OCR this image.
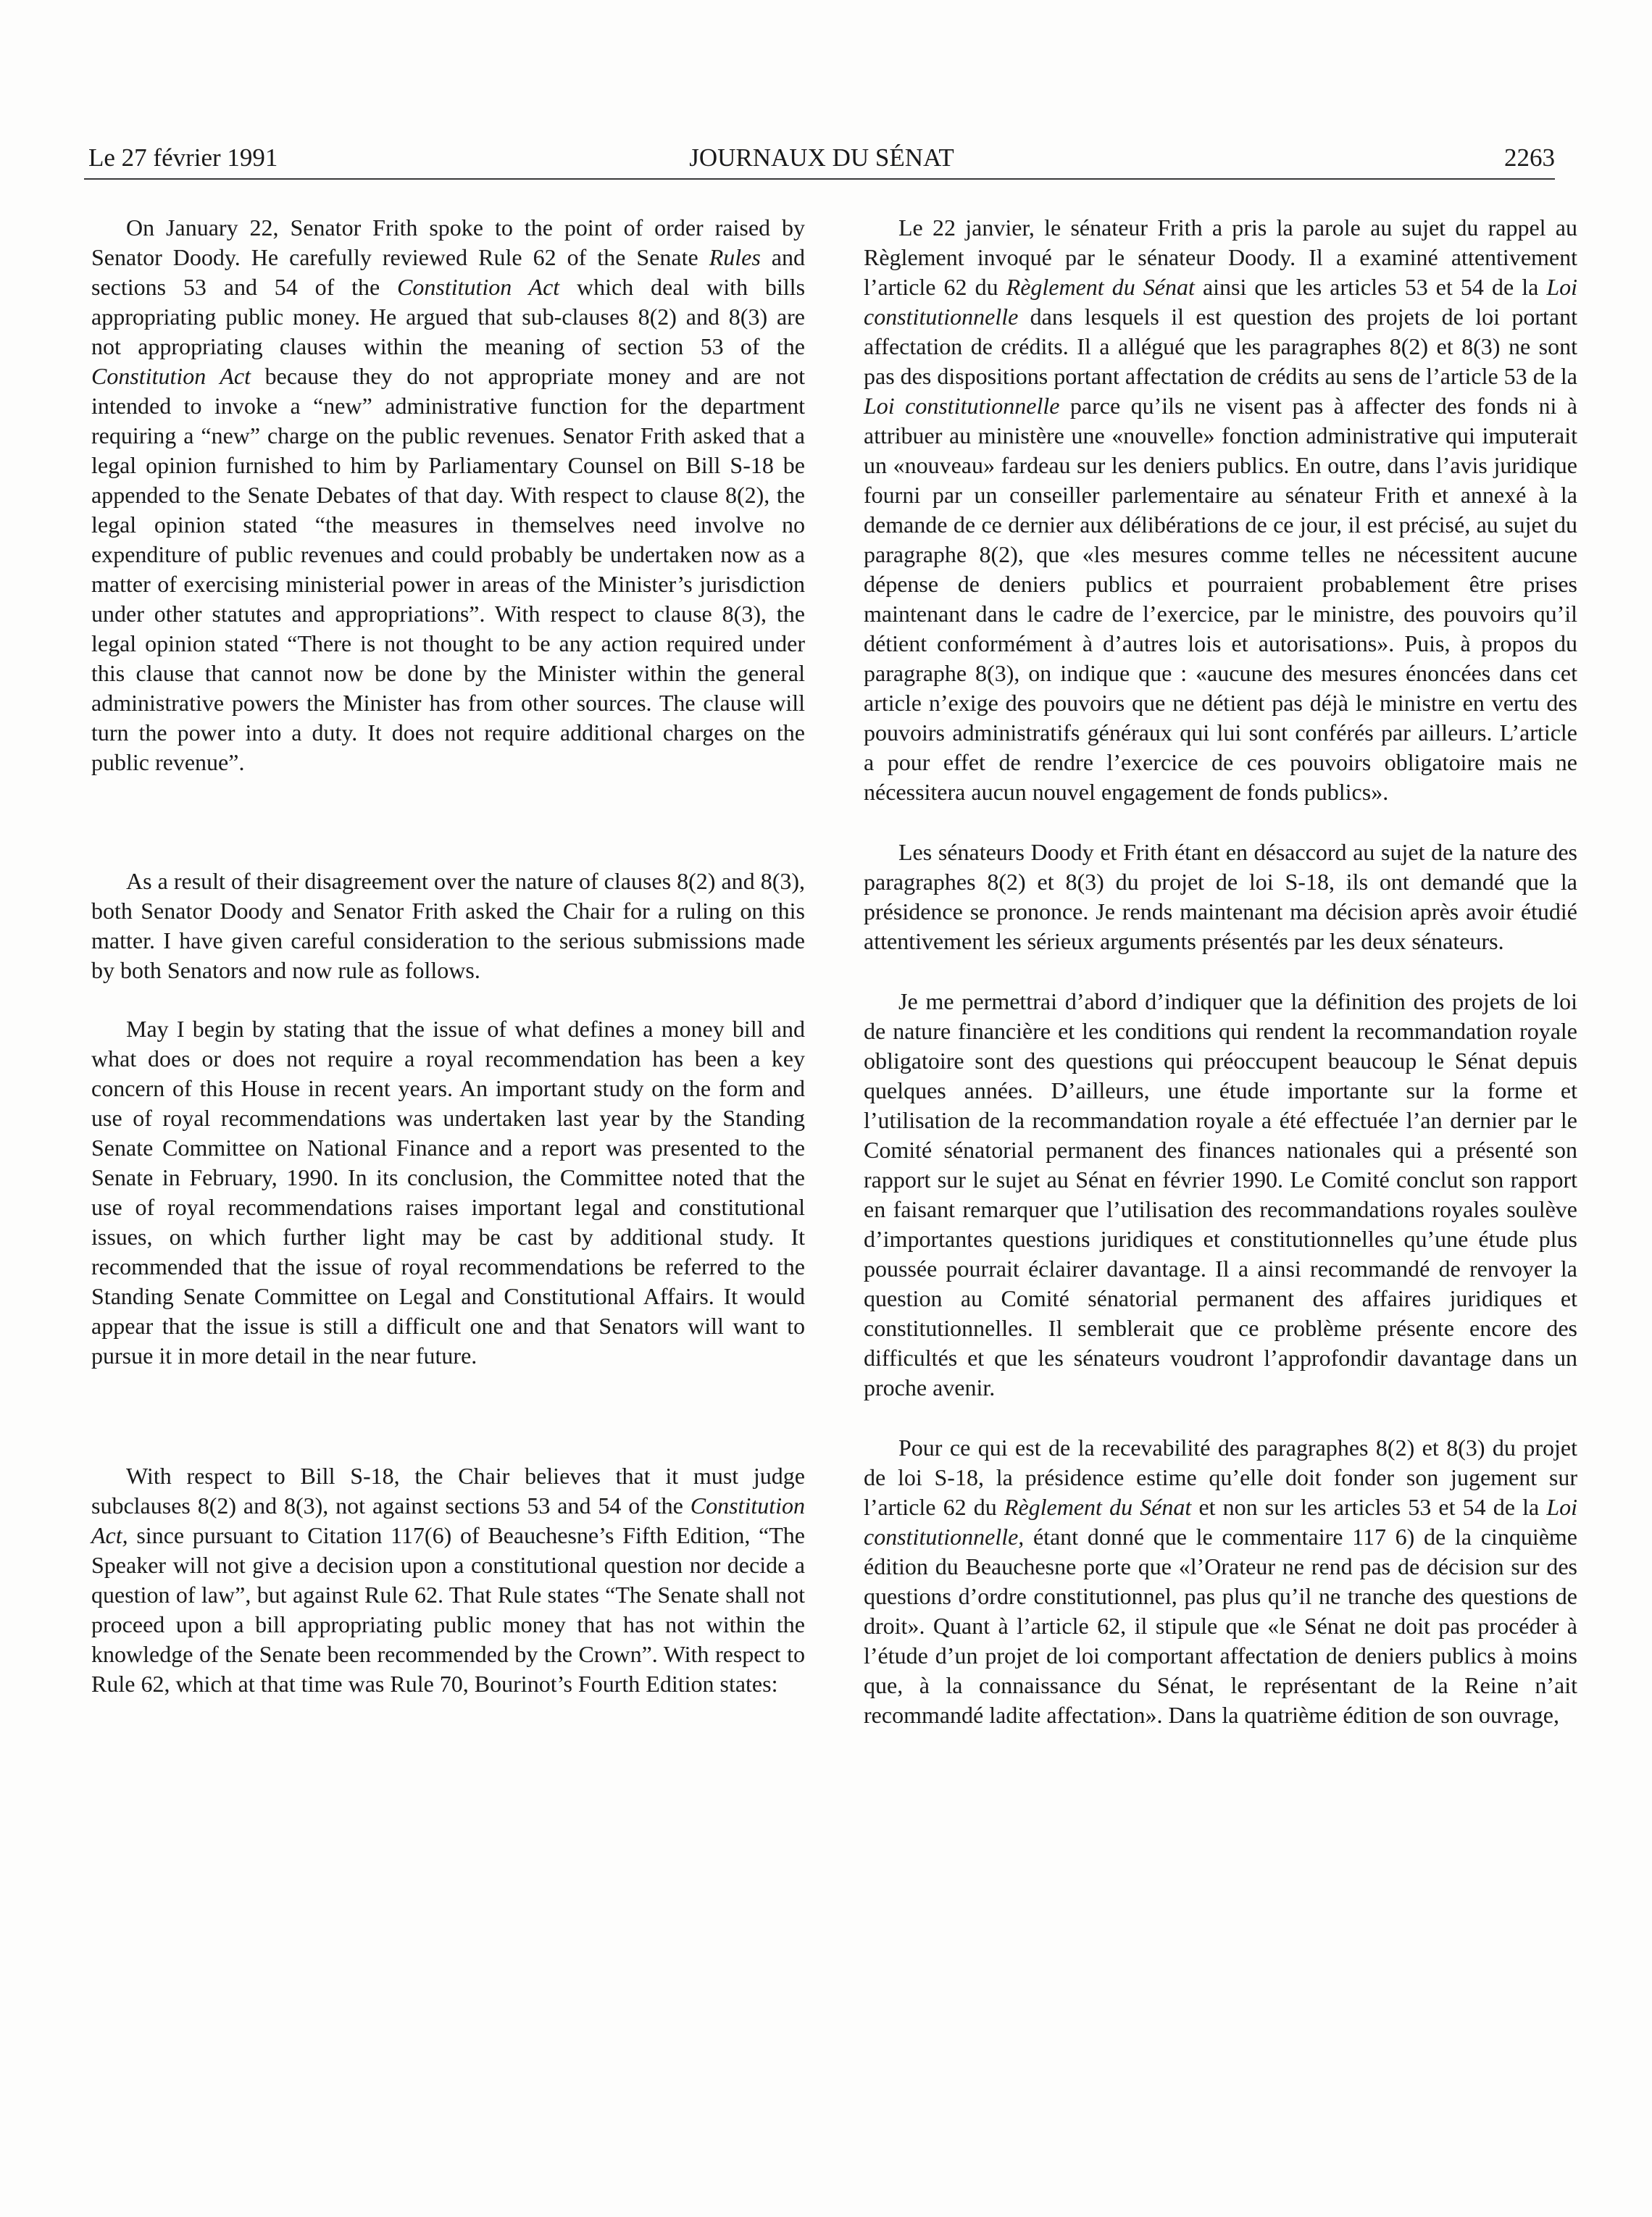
Le 27 février 1991	JOURNAUX DU SÉNAT	2263

On January 22, Senator Frith spoke to the point of order raised by Senator Doody. He carefully reviewed Rule 62 of the Senate Rules and sections 53 and 54 of the Constitution Act which deal with bills appropriating public money. He argued that sub-clauses 8(2) and 8(3) are not appropriating clauses within the meaning of section 53 of the Constitution Act because they do not appropriate money and are not intended to invoke a “new” administrative function for the department requiring a “new” charge on the public revenues. Senator Frith asked that a legal opinion furnished to him by Parliamentary Counsel on Bill S-18 be appended to the Senate Debates of that day. With respect to clause 8(2), the legal opinion stated “the measures in themselves need involve no expenditure of public revenues and could probably be undertaken now as a matter of exercising ministerial power in areas of the Minister’s jurisdiction under other statutes and appropriations”. With respect to clause 8(3), the legal opinion stated “There is not thought to be any action required under this clause that cannot now be done by the Minister within the general administrative powers the Minister has from other sources. The clause will turn the power into a duty. It does not require additional charges on the public revenue”.

As a result of their disagreement over the nature of clauses 8(2) and 8(3), both Senator Doody and Senator Frith asked the Chair for a ruling on this matter. I have given careful consideration to the serious submissions made by both Senators and now rule as follows.

May I begin by stating that the issue of what defines a money bill and what does or does not require a royal recommendation has been a key concern of this House in recent years. An important study on the form and use of royal recommendations was undertaken last year by the Standing Senate Committee on National Finance and a report was presented to the Senate in February, 1990. In its conclusion, the Committee noted that the use of royal recommendations raises important legal and constitutional issues, on which further light may be cast by additional study. It recommended that the issue of royal recommendations be referred to the Standing Senate Committee on Legal and Constitutional Affairs. It would appear that the issue is still a difficult one and that Senators will want to pursue it in more detail in the near future.

With respect to Bill S-18, the Chair believes that it must judge subclauses 8(2) and 8(3), not against sections 53 and 54 of the Constitution Act, since pursuant to Citation 117(6) of Beauchesne’s Fifth Edition, “The Speaker will not give a decision upon a constitutional question nor decide a question of law”, but against Rule 62. That Rule states “The Senate shall not proceed upon a bill appropriating public money that has not within the knowledge of the Senate been recommended by the Crown”. With respect to Rule 62, which at that time was Rule 70, Bourinot’s Fourth Edition states:

Le 22 janvier, le sénateur Frith a pris la parole au sujet du rappel au Règlement invoqué par le sénateur Doody. Il a examiné attentivement l’article 62 du Règlement du Sénat ainsi que les articles 53 et 54 de la Loi constitutionnelle dans lesquels il est question des projets de loi portant affectation de crédits. Il a allégué que les paragraphes 8(2) et 8(3) ne sont pas des dispositions portant affectation de crédits au sens de l’article 53 de la Loi constitutionnelle parce qu’ils ne visent pas à affecter des fonds ni à attribuer au ministère une «nouvelle» fonction administrative qui imputerait un «nouveau» fardeau sur les deniers publics. En outre, dans l’avis juridique fourni par un conseiller parlementaire au sénateur Frith et annexé à la demande de ce dernier aux délibérations de ce jour, il est précisé, au sujet du paragraphe 8(2), que «les mesures comme telles ne nécessitent aucune dépense de deniers publics et pourraient probablement être prises maintenant dans le cadre de l’exercice, par le ministre, des pouvoirs qu’il détient conformément à d’autres lois et autorisations». Puis, à propos du paragraphe 8(3), on indique que : «aucune des mesures énoncées dans cet article n’exige des pouvoirs que ne détient pas déjà le ministre en vertu des pouvoirs administratifs généraux qui lui sont conférés par ailleurs. L’article a pour effet de rendre l’exercice de ces pouvoirs obligatoire mais ne nécessitera aucun nouvel engagement de fonds publics».

Les sénateurs Doody et Frith étant en désaccord au sujet de la nature des paragraphes 8(2) et 8(3) du projet de loi S-18, ils ont demandé que la présidence se prononce. Je rends maintenant ma décision après avoir étudié attentivement les sérieux arguments présentés par les deux sénateurs.

Je me permettrai d’abord d’indiquer que la définition des projets de loi de nature financière et les conditions qui rendent la recommandation royale obligatoire sont des questions qui préoccupent beaucoup le Sénat depuis quelques années. D’ailleurs, une étude importante sur la forme et l’utilisation de la recommandation royale a été effectuée l’an dernier par le Comité sénatorial permanent des finances nationales qui a présenté son rapport sur le sujet au Sénat en février 1990. Le Comité conclut son rapport en faisant remarquer que l’utilisation des recommandations royales soulève d’importantes questions juridiques et constitutionnelles qu’une étude plus poussée pourrait éclairer davantage. Il a ainsi recommandé de renvoyer la question au Comité sénatorial permanent des affaires juridiques et constitutionnelles. Il semblerait que ce problème présente encore des difficultés et que les sénateurs voudront l’approfondir davantage dans un proche avenir.

Pour ce qui est de la recevabilité des paragraphes 8(2) et 8(3) du projet de loi S-18, la présidence estime qu’elle doit fonder son jugement sur l’article 62 du Règlement du Sénat et non sur les articles 53 et 54 de la Loi constitutionnelle, étant donné que le commentaire 117 6) de la cinquième édition du Beauchesne porte que «l’Orateur ne rend pas de décision sur des questions d’ordre constitutionnel, pas plus qu’il ne tranche des questions de droit». Quant à l’article 62, il stipule que «le Sénat ne doit pas procéder à l’étude d’un projet de loi comportant affectation de deniers publics à moins que, à la connaissance du Sénat, le représentant de la Reine n’ait recommandé ladite affectation». Dans la quatrième édition de son ouvrage,
